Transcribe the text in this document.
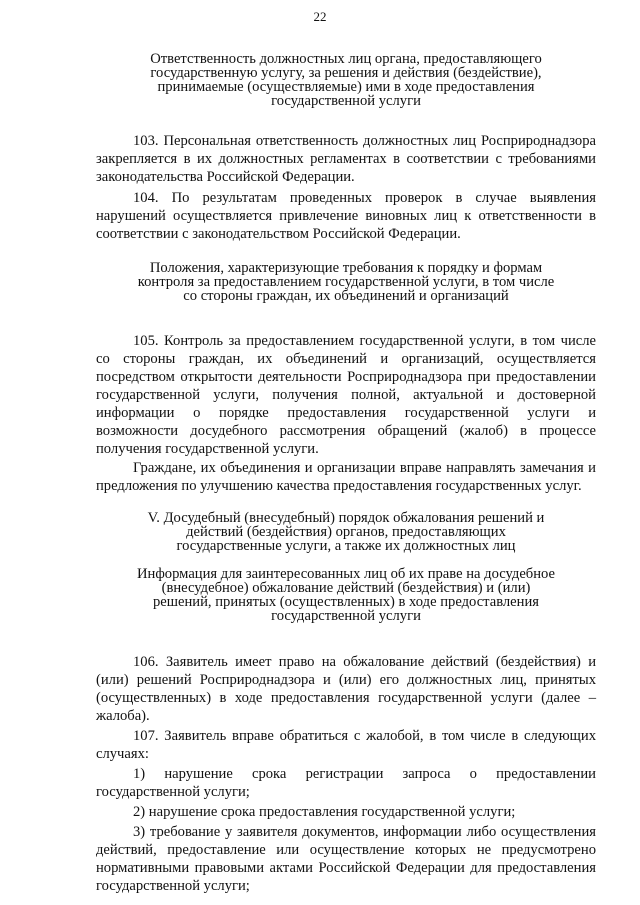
22
Ответственность должностных лиц органа, предоставляющего
государственную услугу, за решения и действия (бездействие),
принимаемые (осуществляемые) ими в ходе предоставления
государственной услуги
103. Персональная ответственность должностных лиц Росприроднадзора
закрепляется в их должностных регламентах в соответствии с требованиями
законодательства Российской Федерации.
104. По результатам проведенных проверок в случае выявления
нарушений осуществляется привлечение виновных лиц к ответственности в
соответствии с законодательством Российской Федерации.
Положения, характеризующие требования к порядку и формам
контроля за предоставлением государственной услуги, в том числе
со стороны граждан, их объединений и организаций
105. Контроль за предоставлением государственной услуги, в том числе
со стороны граждан, их объединений и организаций, осуществляется
посредством открытости деятельности Росприроднадзора при предоставлении
государственной услуги, получения полной, актуальной и достоверной
информации о порядке предоставления государственной услуги и
возможности досудебного рассмотрения обращений (жалоб) в процессе
получения государственной услуги.
Граждане, их объединения и организации вправе направлять замечания и
предложения по улучшению качества предоставления государственных услуг.
V. Досудебный (внесудебный) порядок обжалования решений и
действий (бездействия) органов, предоставляющих
государственные услуги, а также их должностных лиц
Информация для заинтересованных лиц об их праве на досудебное
(внесудебное) обжалование действий (бездействия) и (или)
решений, принятых (осуществленных) в ходе предоставления
государственной услуги
106. Заявитель имеет право на обжалование действий (бездействия) и
(или) решений Росприроднадзора и (или) его должностных лиц, принятых
(осуществленных) в ходе предоставления государственной услуги (далее –
жалоба).
107. Заявитель вправе обратиться с жалобой, в том числе в следующих
случаях:
1) нарушение срока регистрации запроса о предоставлении
государственной услуги;
2) нарушение срока предоставления государственной услуги;
3) требование у заявителя документов, информации либо осуществления
действий, предоставление или осуществление которых не предусмотрено
нормативными правовыми актами Российской Федерации для предоставления
государственной услуги;
